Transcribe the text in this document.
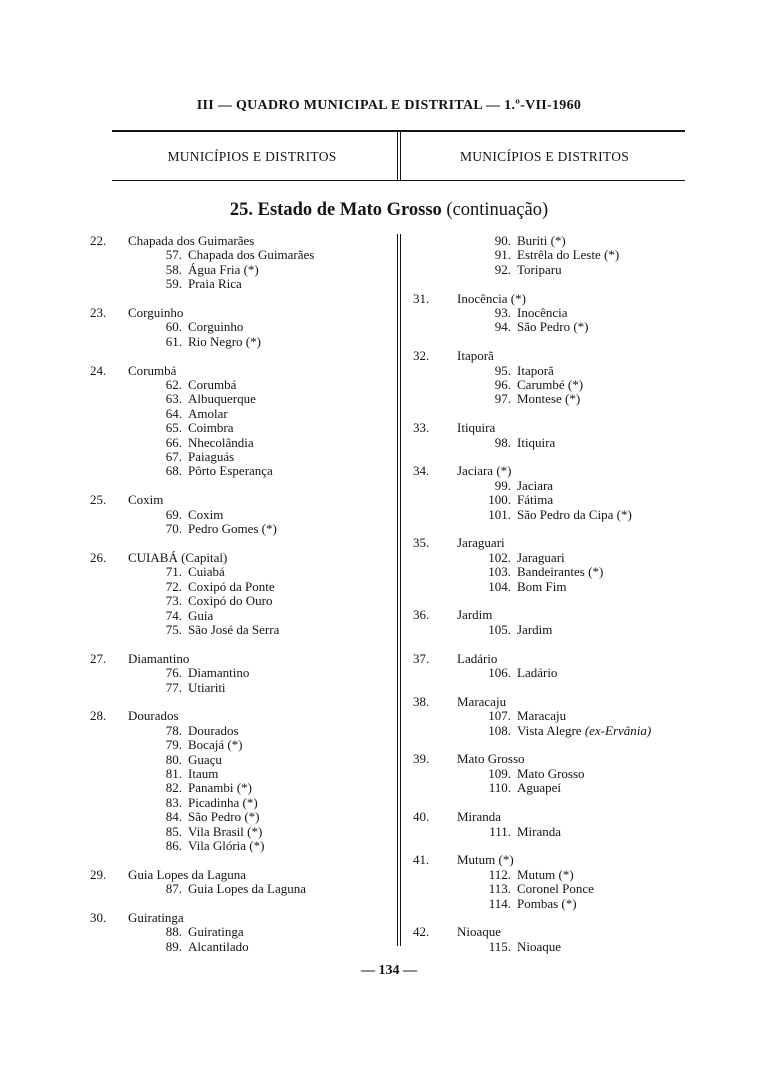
III — QUADRO MUNICIPAL E DISTRITAL — 1.º-VII-1960
MUNICÍPIOS E DISTRITOS	MUNICÍPIOS E DISTRITOS
25. Estado de Mato Grosso (continuação)
22.	Chapada dos Guimarães
57. Chapada dos Guimarães
58. Água Fria (*)
59. Praia Rica
23.	Corguinho
60. Corguinho
61. Rio Negro (*)
24.	Corumbá
62. Corumbá
63. Albuquerque
64. Amolar
65. Coimbra
66. Nhecolândia
67. Paiaguás
68. Pôrto Esperança
25.	Coxim
69. Coxim
70. Pedro Gomes (*)
26.	CUIABÁ (Capital)
71. Cuiabá
72. Coxipó da Ponte
73. Coxipó do Ouro
74. Guia
75. São José da Serra
27.	Diamantino
76. Diamantino
77. Utiariti
28.	Dourados
78. Dourados
79. Bocajá (*)
80. Guaçu
81. Itaum
82. Panambi (*)
83. Picadinha (*)
84. São Pedro (*)
85. Vila Brasil (*)
86. Vila Glória (*)
29.	Guia Lopes da Laguna
87. Guia Lopes da Laguna
30.	Guiratinga
88. Guiratinga
89. Alcantilado
90. Buriti (*)
91. Estrêla do Leste (*)
92. Toriparu
31.	Inocência (*)
93. Inocência
94. São Pedro (*)
32.	Itaporã
95. Itaporã
96. Carumbé (*)
97. Montese (*)
33.	Itiquira
98. Itiquira
34.	Jaciara (*)
99. Jaciara
100. Fátima
101. São Pedro da Cipa (*)
35.	Jaraguari
102. Jaraguari
103. Bandeirantes (*)
104. Bom Fim
36.	Jardim
105. Jardim
37.	Ladário
106. Ladário
38.	Maracaju
107. Maracaju
108. Vista Alegre (ex-Ervânia)
39.	Mato Grosso
109. Mato Grosso
110. Aguapeí
40.	Miranda
111. Miranda
41.	Mutum (*)
112. Mutum (*)
113. Coronel Ponce
114. Pombas (*)
42.	Nioaque
115. Nioaque
— 134 —
